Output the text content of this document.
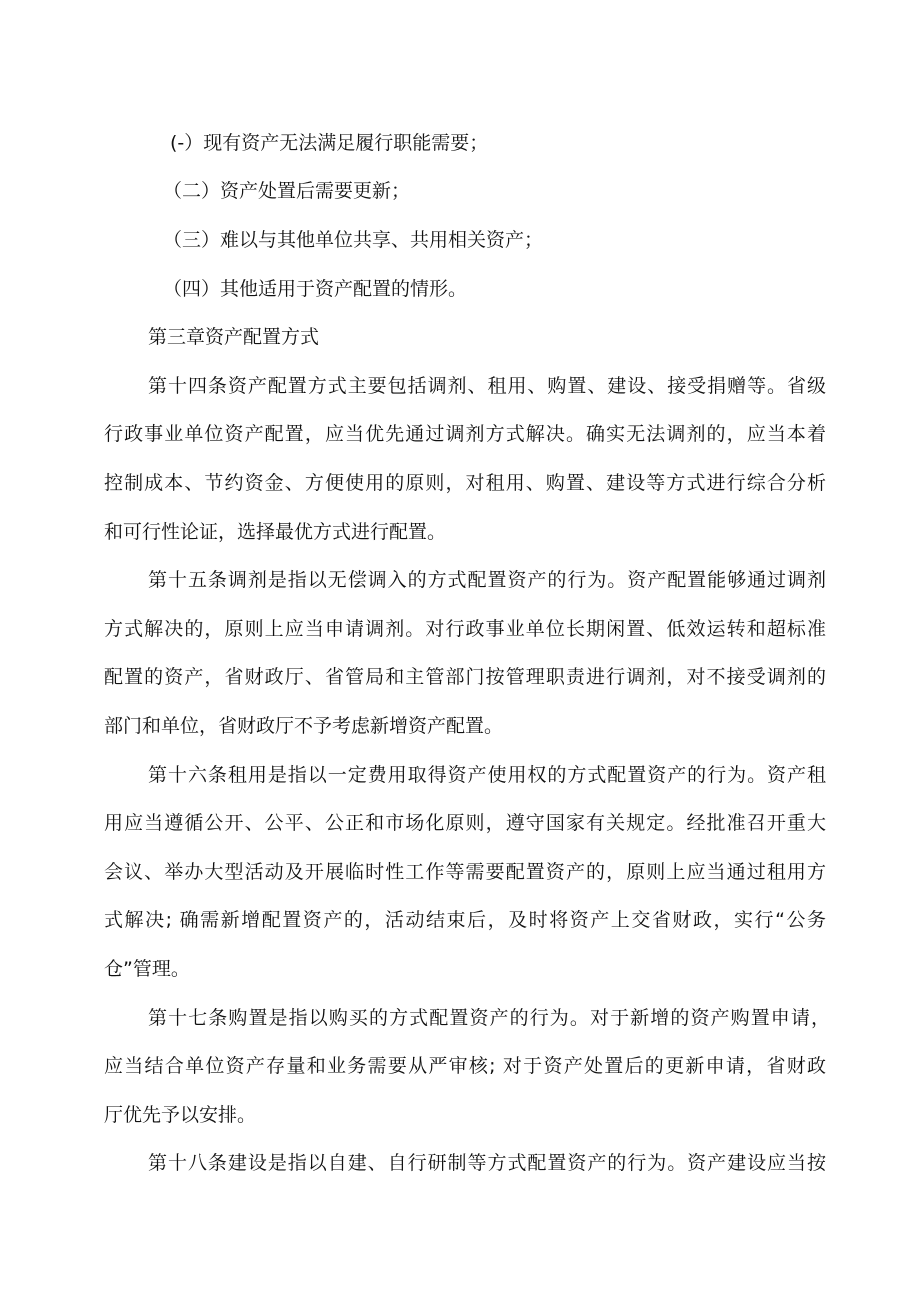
(-）现有资产无法满足履行职能需要；
（二）资产处置后需要更新；
（三）难以与其他单位共享、共用相关资产；
（四）其他适用于资产配置的情形。
第三章资产配置方式
第十四条资产配置方式主要包括调剂、租用、购置、建设、接受捐赠等。省级
行政事业单位资产配置，应当优先通过调剂方式解决。确实无法调剂的，应当本着
控制成本、节约资金、方便使用的原则，对租用、购置、建设等方式进行综合分析
和可行性论证，选择最优方式进行配置。
第十五条调剂是指以无偿调入的方式配置资产的行为。资产配置能够通过调剂
方式解决的，原则上应当申请调剂。对行政事业单位长期闲置、低效运转和超标准
配置的资产，省财政厅、省管局和主管部门按管理职责进行调剂，对不接受调剂的
部门和单位，省财政厅不予考虑新增资产配置。
第十六条租用是指以一定费用取得资产使用权的方式配置资产的行为。资产租
用应当遵循公开、公平、公正和市场化原则，遵守国家有关规定。经批准召开重大
会议、举办大型活动及开展临时性工作等需要配置资产的，原则上应当通过租用方
式解决; 确需新增配置资产的，活动结束后，及时将资产上交省财政，实行“公务
仓”管理。
第十七条购置是指以购买的方式配置资产的行为。对于新增的资产购置申请，
应当结合单位资产存量和业务需要从严审核; 对于资产处置后的更新申请，省财政
厅优先予以安排。
第十八条建设是指以自建、自行研制等方式配置资产的行为。资产建设应当按
